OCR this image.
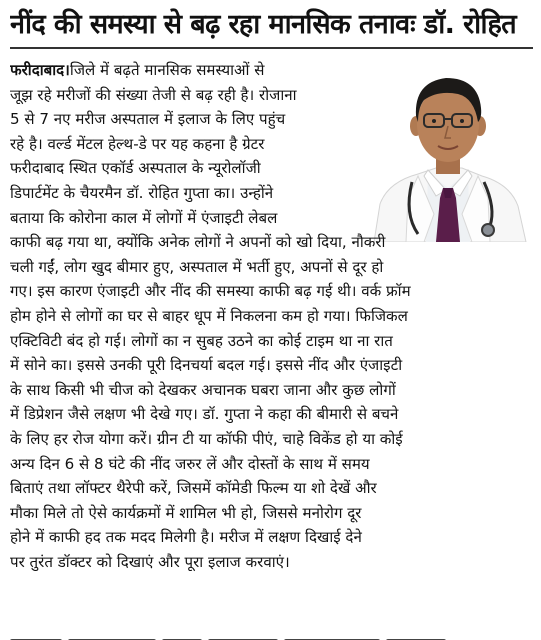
नींद की समस्या से बढ़ रहा मानसिक तनावः डॉ. रोहित
फरीदाबाद।जिले में बढ़ते मानसिक समस्याओं से
जूझ रहे मरीजों की संख्या तेजी से बढ़ रही है। रोजाना
5 से 7 नए मरीज अस्पताल में इलाज के लिए पहुंच
रहे है। वर्ल्ड मेंटल हेल्थ-डे पर यह कहना है ग्रेटर
फरीदाबाद स्थित एकॉर्ड अस्पताल के न्यूरोलॉजी
डिपार्टमेंट के चैयरमैन डॉ. रोहित गुप्ता का। उन्होंने
बताया कि कोरोना काल में लोगों में एंजाइटी लेबल
काफी बढ़ गया था, क्योंकि अनेक लोगों ने अपनों को खो दिया, नौकरी
चली गईं, लोग खुद बीमार हुए, अस्पताल में भर्ती हुए, अपनों से दूर हो
गए। इस कारण एंजाइटी और नींद की समस्या काफी बढ़ गई थी। वर्क फ्रॉम
होम होने से लोगों का घर से बाहर धूप में निकलना कम हो गया। फिजिकल
एक्टिविटी बंद हो गई। लोगों का न सुबह उठने का कोई टाइम था ना रात
में सोने का। इससे उनकी पूरी दिनचर्या बदल गई। इससे नींद और एंजाइटी
के साथ किसी भी चीज को देखकर अचानक घबरा जाना और कुछ लोगों
में डिप्रेशन जैसे लक्षण भी देखे गए। डॉ. गुप्ता ने कहा की बीमारी से बचने
के लिए हर रोज योगा करें। ग्रीन टी या कॉफी पीएं, चाहे विकेंड हो या कोई
अन्य दिन 6 से 8 घंटे की नींद जरुर लें और दोस्तों के साथ में समय
बिताएं तथा लॉफ्टर थैरेपी करें, जिसमें कॉमेडी फिल्म या शो देखें और
मौका मिले तो ऐसे कार्यक्रमों में शामिल भी हो, जिससे मनोरोग दूर
होने में काफी हद तक मदद मिलेगी है। मरीज में लक्षण दिखाई देने
पर तुरंत डॉक्टर को दिखाएं और पूरा इलाज करवाएं।
